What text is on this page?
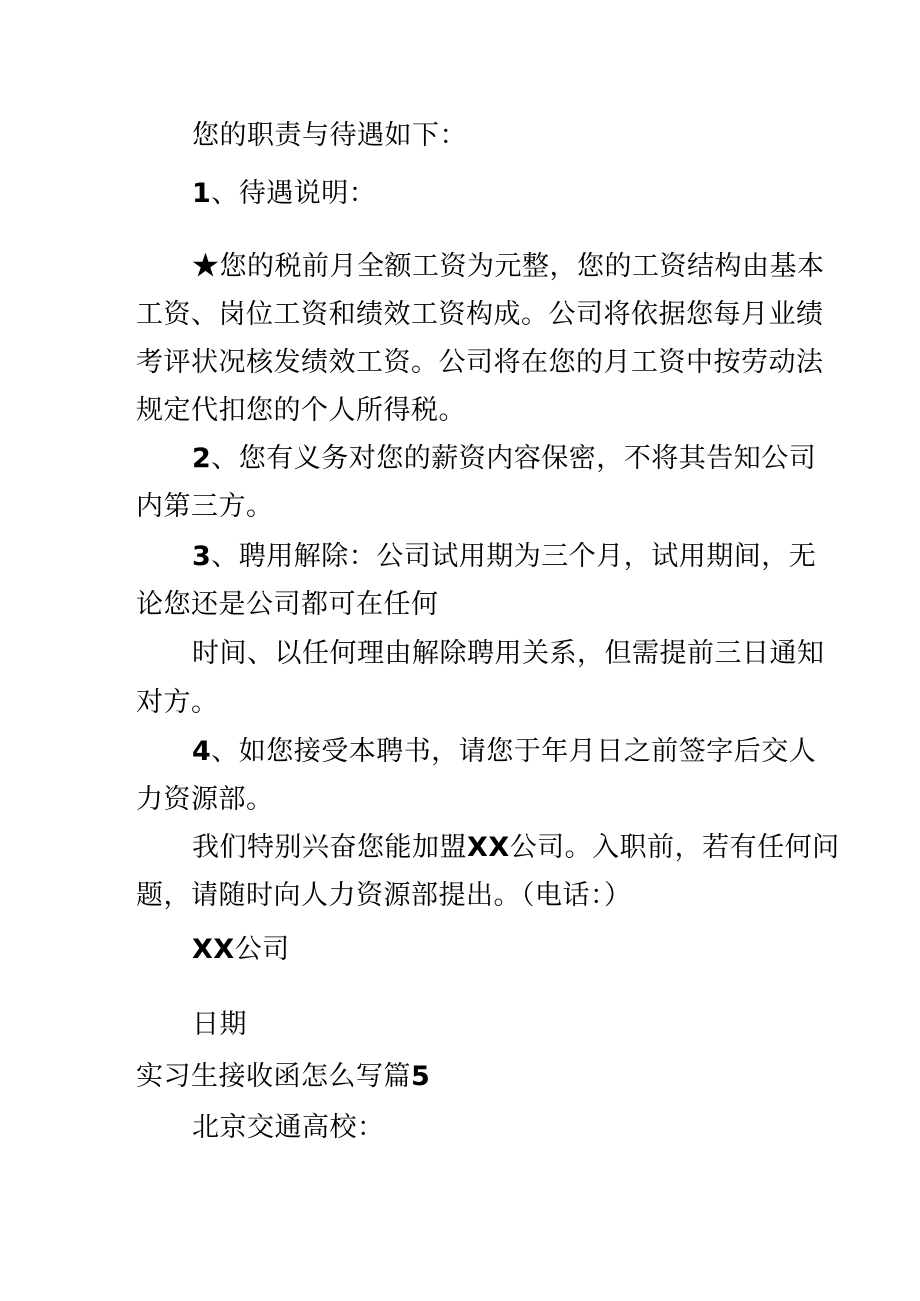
您的职责与待遇如下：
1、待遇说明：
★您的税前月全额工资为元整，您的工资结构由基本
工资、岗位工资和绩效工资构成。公司将依据您每月业绩
考评状况核发绩效工资。公司将在您的月工资中按劳动法
规定代扣您的个人所得税。
2、您有义务对您的薪资内容保密，不将其告知公司
内第三方。
3、聘用解除：公司试用期为三个月，试用期间，无
论您还是公司都可在任何
时间、以任何理由解除聘用关系，但需提前三日通知
对方。
4、如您接受本聘书，请您于年月日之前签字后交人
力资源部。
我们特别兴奋您能加盟XX公司。入职前，若有任何问
题，请随时向人力资源部提出。（电话：）
XX公司
日期
实习生接收函怎么写篇5
北京交通高校：
